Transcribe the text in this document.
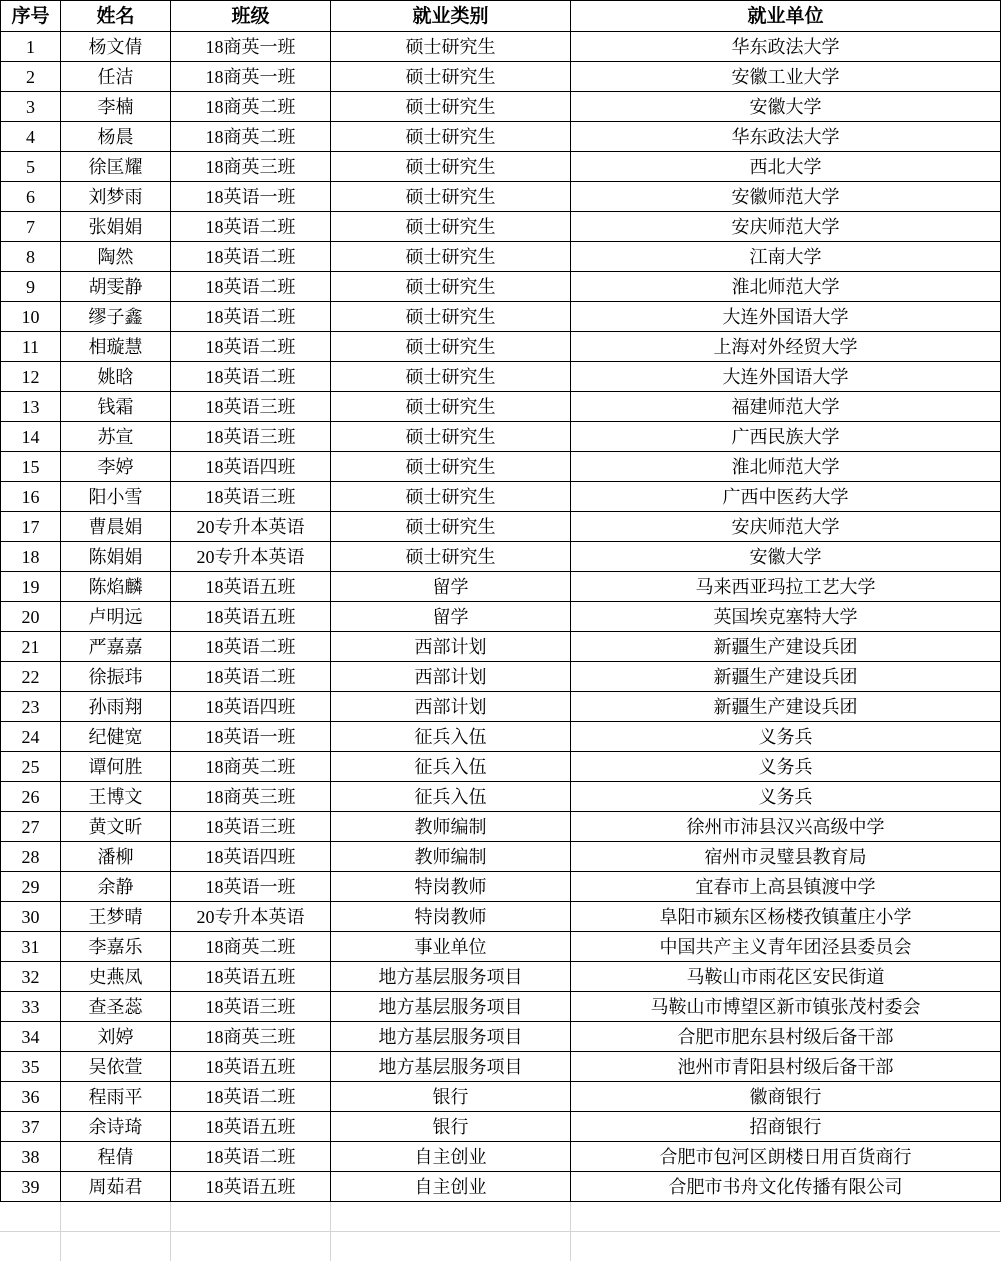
序号	姓名	班级	就业类别	就业单位
1	杨文倩	18商英一班	硕士研究生	华东政法大学
2	任洁	18商英一班	硕士研究生	安徽工业大学
3	李楠	18商英二班	硕士研究生	安徽大学
4	杨晨	18商英二班	硕士研究生	华东政法大学
5	徐匡耀	18商英三班	硕士研究生	西北大学
6	刘梦雨	18英语一班	硕士研究生	安徽师范大学
7	张娟娟	18英语二班	硕士研究生	安庆师范大学
8	陶然	18英语二班	硕士研究生	江南大学
9	胡雯静	18英语二班	硕士研究生	淮北师范大学
10	缪子鑫	18英语二班	硕士研究生	大连外国语大学
11	相璇慧	18英语二班	硕士研究生	上海对外经贸大学
12	姚晗	18英语二班	硕士研究生	大连外国语大学
13	钱霜	18英语三班	硕士研究生	福建师范大学
14	苏宣	18英语三班	硕士研究生	广西民族大学
15	李婷	18英语四班	硕士研究生	淮北师范大学
16	阳小雪	18英语三班	硕士研究生	广西中医药大学
17	曹晨娟	20专升本英语	硕士研究生	安庆师范大学
18	陈娟娟	20专升本英语	硕士研究生	安徽大学
19	陈焰麟	18英语五班	留学	马来西亚玛拉工艺大学
20	卢明远	18英语五班	留学	英国埃克塞特大学
21	严嘉嘉	18英语二班	西部计划	新疆生产建设兵团
22	徐振玮	18英语二班	西部计划	新疆生产建设兵团
23	孙雨翔	18英语四班	西部计划	新疆生产建设兵团
24	纪健宽	18英语一班	征兵入伍	义务兵
25	谭何胜	18商英二班	征兵入伍	义务兵
26	王博文	18商英三班	征兵入伍	义务兵
27	黄文昕	18英语三班	教师编制	徐州市沛县汉兴高级中学
28	潘柳	18英语四班	教师编制	宿州市灵璧县教育局
29	余静	18英语一班	特岗教师	宜春市上高县镇渡中学
30	王梦晴	20专升本英语	特岗教师	阜阳市颍东区杨楼孜镇董庄小学
31	李嘉乐	18商英二班	事业单位	中国共产主义青年团泾县委员会
32	史燕凤	18英语五班	地方基层服务项目	马鞍山市雨花区安民街道
33	查圣蕊	18英语三班	地方基层服务项目	马鞍山市博望区新市镇张茂村委会
34	刘婷	18商英三班	地方基层服务项目	合肥市肥东县村级后备干部
35	吴依萱	18英语五班	地方基层服务项目	池州市青阳县村级后备干部
36	程雨平	18英语二班	银行	徽商银行
37	余诗琦	18英语五班	银行	招商银行
38	程倩	18英语二班	自主创业	合肥市包河区朗楼日用百货商行
39	周茹君	18英语五班	自主创业	合肥市书舟文化传播有限公司
